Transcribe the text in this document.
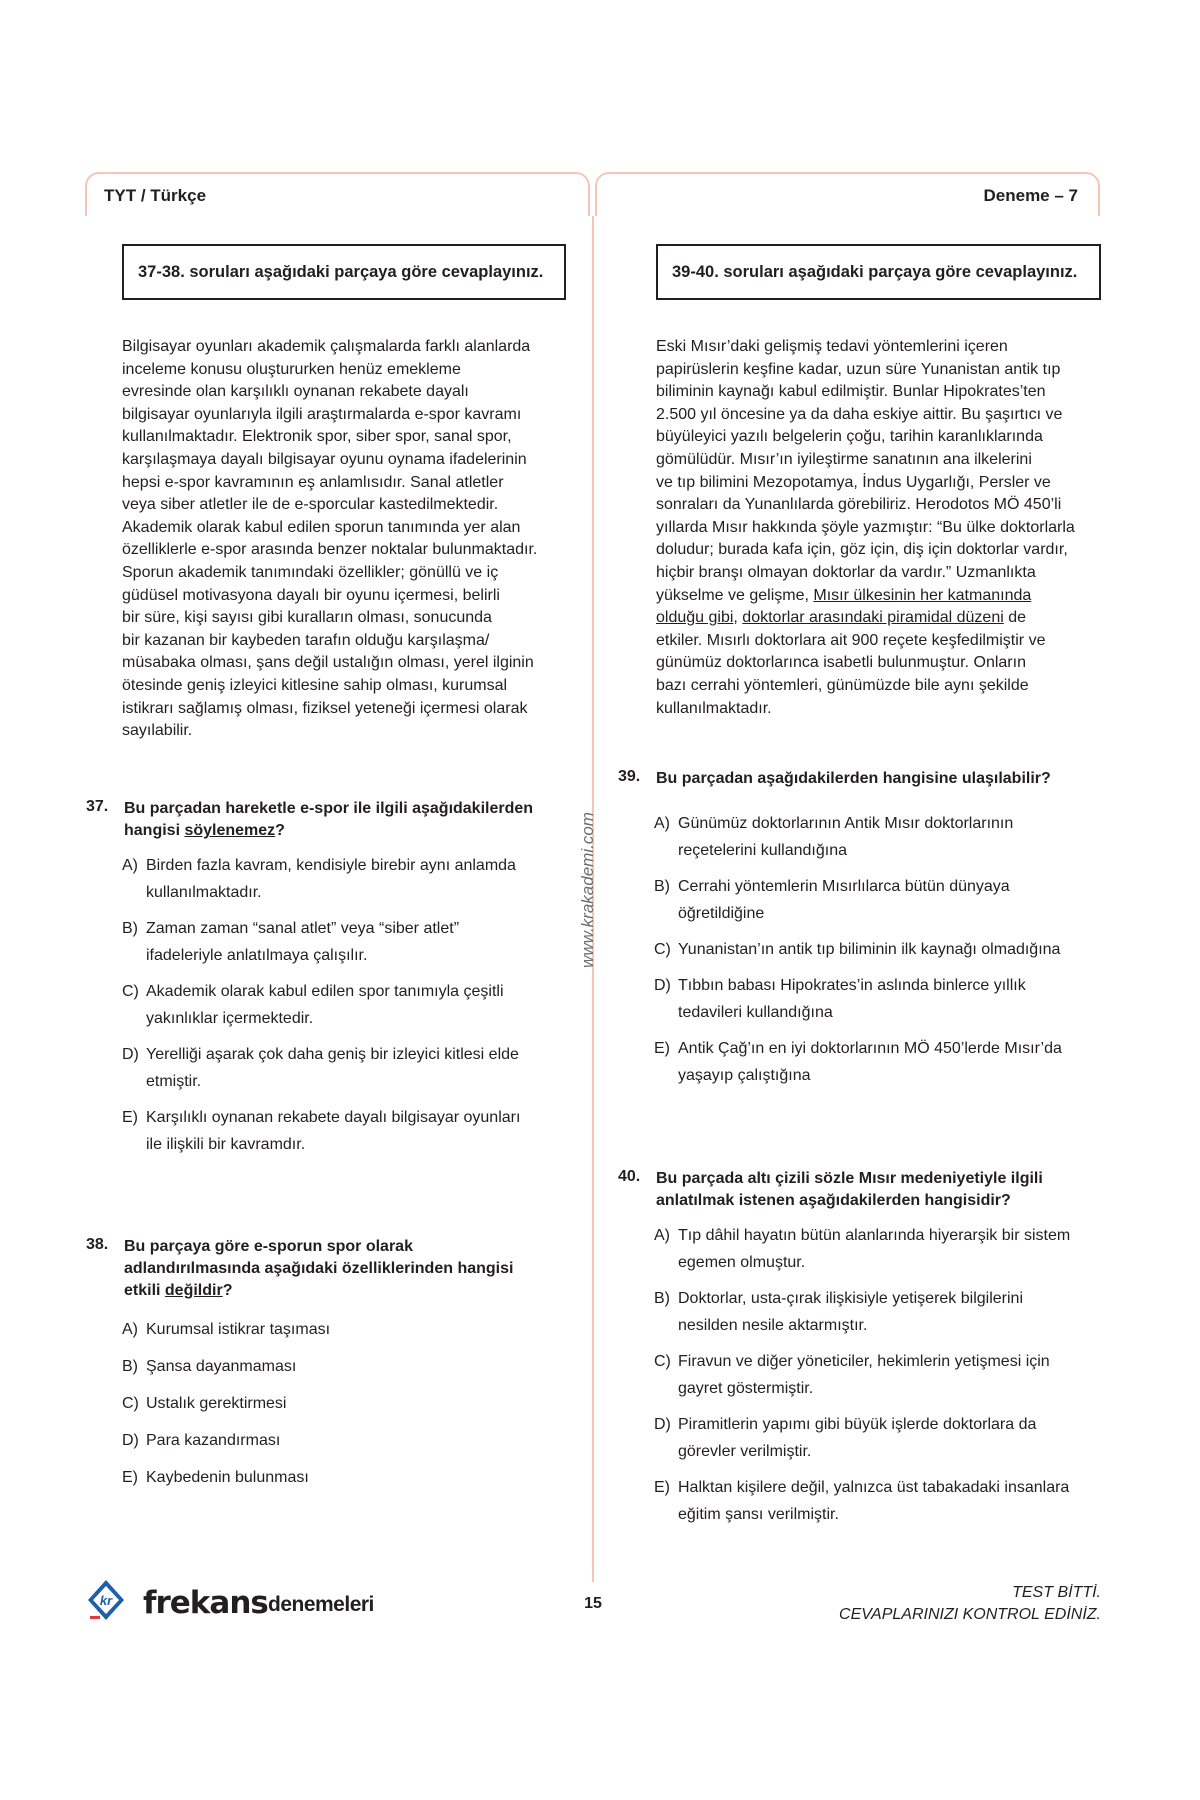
TYT / Türkçe	Deneme – 7
37-38. soruları aşağıdaki parçaya göre cevaplayınız.	39-40. soruları aşağıdaki parçaya göre cevaplayınız.

Bilgisayar oyunları akademik çalışmalarda farklı alanlarda

inceleme konusu oluştururken henüz emekleme

evresinde olan karşılıklı oynanan rekabete dayalı

bilgisayar oyunlarıyla ilgili araştırmalarda e-spor kavramı

kullanılmaktadır. Elektronik spor, siber spor, sanal spor,

karşılaşmaya dayalı bilgisayar oyunu oynama ifadelerinin

hepsi e-spor kavramının eş anlamlısıdır. Sanal atletler

veya siber atletler ile de e-sporcular kastedilmektedir.

Akademik olarak kabul edilen sporun tanımında yer alan

özelliklerle e-spor arasında benzer noktalar bulunmaktadır.

Sporun akademik tanımındaki özellikler; gönüllü ve iç

güdüsel motivasyona dayalı bir oyunu içermesi, belirli

bir süre, kişi sayısı gibi kuralların olması, sonucunda

bir kazanan bir kaybeden tarafın olduğu karşılaşma/

müsabaka olması, şans değil ustalığın olması, yerel ilginin

ötesinde geniş izleyici kitlesine sahip olması, kurumsal

istikrarı sağlamış olması, fiziksel yeteneği içermesi olarak

sayılabilir.

Eski Mısır’daki gelişmiş tedavi yöntemlerini içeren

papirüslerin keşfine kadar, uzun süre Yunanistan antik tıp

biliminin kaynağı kabul edilmiştir. Bunlar Hipokrates’ten

2.500 yıl öncesine ya da daha eskiye aittir. Bu şaşırtıcı ve

büyüleyici yazılı belgelerin çoğu, tarihin karanlıklarında

gömülüdür. Mısır’ın iyileştirme sanatının ana ilkelerini

ve tıp bilimini Mezopotamya, İndus Uygarlığı, Persler ve

sonraları da Yunanlılarda görebiliriz. Herodotos MÖ 450’li

yıllarda Mısır hakkında şöyle yazmıştır: “Bu ülke doktorlarla

doludur; burada kafa için, göz için, diş için doktorlar vardır,

hiçbir branşı olmayan doktorlar da vardır.” Uzmanlıkta

yükselme ve gelişme, Mısır ülkesinin her katmanında

olduğu gibi, doktorlar arasındaki piramidal düzeni de

etkiler. Mısırlı doktorlara ait 900 reçete keşfedilmiştir ve

günümüz doktorlarınca isabetli bulunmuştur. Onların

bazı cerrahi yöntemleri, günümüzde bile aynı şekilde

kullanılmaktadır.

37. Bu parçadan hareketle e-spor ile ilgili aşağıdakilerden
hangisi söylenemez?
A) Birden fazla kavram, kendisiyle birebir aynı anlamda
kullanılmaktadır.
B) Zaman zaman “sanal atlet” veya “siber atlet”
ifadeleriyle anlatılmaya çalışılır.
C) Akademik olarak kabul edilen spor tanımıyla çeşitli
yakınlıklar içermektedir.
D) Yerelliği aşarak çok daha geniş bir izleyici kitlesi elde
etmiştir.
E) Karşılıklı oynanan rekabete dayalı bilgisayar oyunları
ile ilişkili bir kavramdır.
38. Bu parçaya göre e-sporun spor olarak
adlandırılmasında aşağıdaki özelliklerinden hangisi
etkili değildir?
A) Kurumsal istikrar taşıması
B) Şansa dayanmaması
C) Ustalık gerektirmesi
D) Para kazandırması
E) Kaybedenin bulunması
39. Bu parçadan aşağıdakilerden hangisine ulaşılabilir?
A) Günümüz doktorlarının Antik Mısır doktorlarının
reçetelerini kullandığına
B) Cerrahi yöntemlerin Mısırlılarca bütün dünyaya
öğretildiğine
C) Yunanistan’ın antik tıp biliminin ilk kaynağı olmadığına
D) Tıbbın babası Hipokrates’in aslında binlerce yıllık
tedavileri kullandığına
E) Antik Çağ’ın en iyi doktorlarının MÖ 450’lerde Mısır’da
yaşayıp çalıştığına
40. Bu parçada altı çizili sözle Mısır medeniyetiyle ilgili
anlatılmak istenen aşağıdakilerden hangisidir?
A) Tıp dâhil hayatın bütün alanlarında hiyerarşik bir sistem
egemen olmuştur.
B) Doktorlar, usta-çırak ilişkisiyle yetişerek bilgilerini
nesilden nesile aktarmıştır.
C) Firavun ve diğer yöneticiler, hekimlerin yetişmesi için
gayret göstermiştir.
D) Piramitlerin yapımı gibi büyük işlerde doktorlara da
görevler verilmiştir.
E) Halktan kişilere değil, yalnızca üst tabakadaki insanlara
eğitim şansı verilmiştir.
www.krakademi.com
kr frekans denemeleri	15
TEST BİTTİ.
CEVAPLARINIZI KONTROL EDİNİZ.
